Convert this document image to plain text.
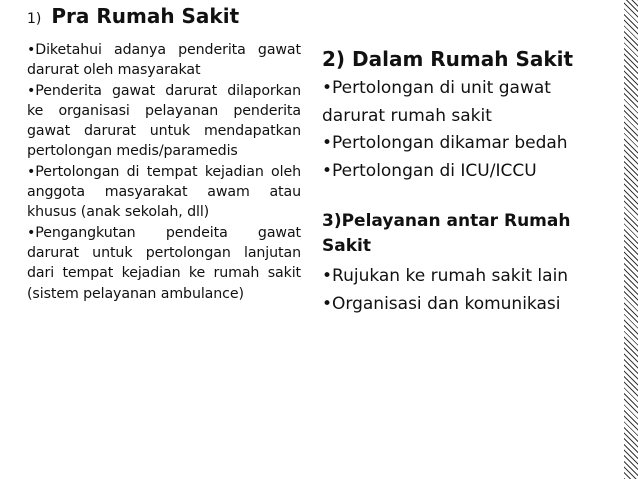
1) Pra Rumah Sakit

•Diketahui adanya penderita gawat darurat oleh masyarakat

•Penderita gawat darurat dilaporkan ke organisasi pelayanan penderita gawat darurat untuk mendapatkan pertolongan medis/paramedis

•Pertolongan di tempat kejadian oleh anggota masyarakat awam atau khusus (anak sekolah, dll)

•Pengangkutan pendeita gawat darurat untuk pertolongan lanjutan dari tempat kejadian ke rumah sakit (sistem pelayanan ambulance)

2) Dalam Rumah Sakit

•Pertolongan di unit gawat

darurat rumah sakit

•Pertolongan dikamar bedah

•Pertolongan di ICU/ICCU

3)Pelayanan antar Rumah
Sakit

•Rujukan ke rumah sakit lain

•Organisasi dan komunikasi
